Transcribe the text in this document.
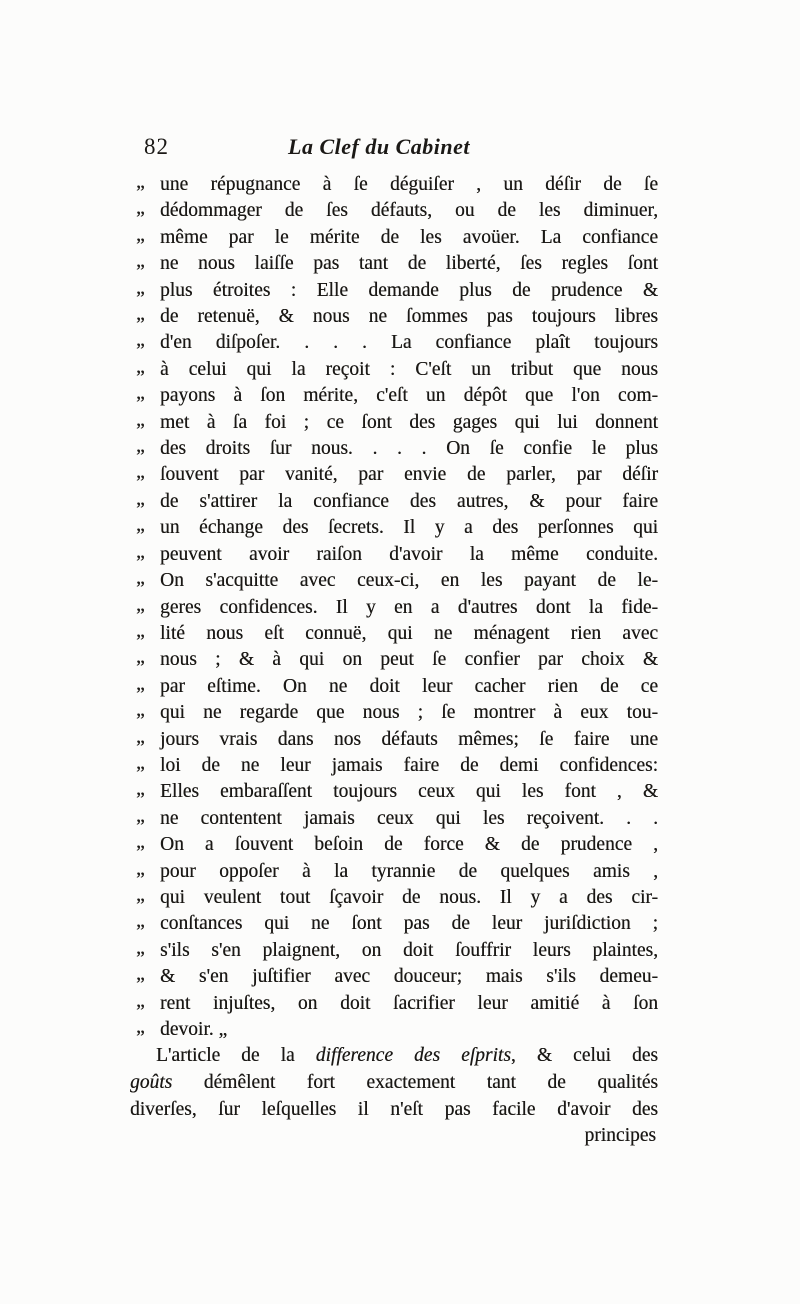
82	La Clef du Cabinet
„ une répugnance à ſe déguiſer , un déſir de ſe
„ dédommager de ſes défauts, ou de les diminuer,
„ même par le mérite de les avoüer. La confiance
„ ne nous laiſſe pas tant de liberté, ſes regles ſont
„ plus étroites : Elle demande plus de prudence &
„ de retenuë, & nous ne ſommes pas toujours libres
„ d'en diſpoſer. . . . La confiance plaît toujours
„ à celui qui la reçoit : C'eſt un tribut que nous
„ payons à ſon mérite, c'eſt un dépôt que l'on com-
„ met à ſa foi ; ce ſont des gages qui lui donnent
„ des droits ſur nous. . . . On ſe confie le plus
„ ſouvent par vanité, par envie de parler, par déſir
„ de s'attirer la confiance des autres, & pour faire
„ un échange des ſecrets. Il y a des perſonnes qui
„ peuvent avoir raiſon d'avoir la même conduite.
„ On s'acquitte avec ceux-ci, en les payant de le-
„ geres confidences. Il y en a d'autres dont la fide-
„ lité nous eſt connuë, qui ne ménagent rien avec
„ nous ; & à qui on peut ſe confier par choix &
„ par eſtime. On ne doit leur cacher rien de ce
„ qui ne regarde que nous ; ſe montrer à eux tou-
„ jours vrais dans nos défauts mêmes; ſe faire une
„ loi de ne leur jamais faire de demi confidences:
„ Elles embaraſſent toujours ceux qui les font , &
„ ne contentent jamais ceux qui les reçoivent. . .
„ On a ſouvent beſoin de force & de prudence ,
„ pour oppoſer à la tyrannie de quelques amis ,
„ qui veulent tout ſçavoir de nous. Il y a des cir-
„ conſtances qui ne ſont pas de leur juriſdiction ;
„ s'ils s'en plaignent, on doit ſouffrir leurs plaintes,
„ & s'en juſtifier avec douceur; mais s'ils demeu-
„ rent injuſtes, on doit ſacrifier leur amitié à ſon
„ devoir. „
L'article de la difference des eſprits, & celui des
goûts démêlent fort exactement tant de qualités
diverſes, ſur leſquelles il n'eſt pas facile d'avoir des
principes
